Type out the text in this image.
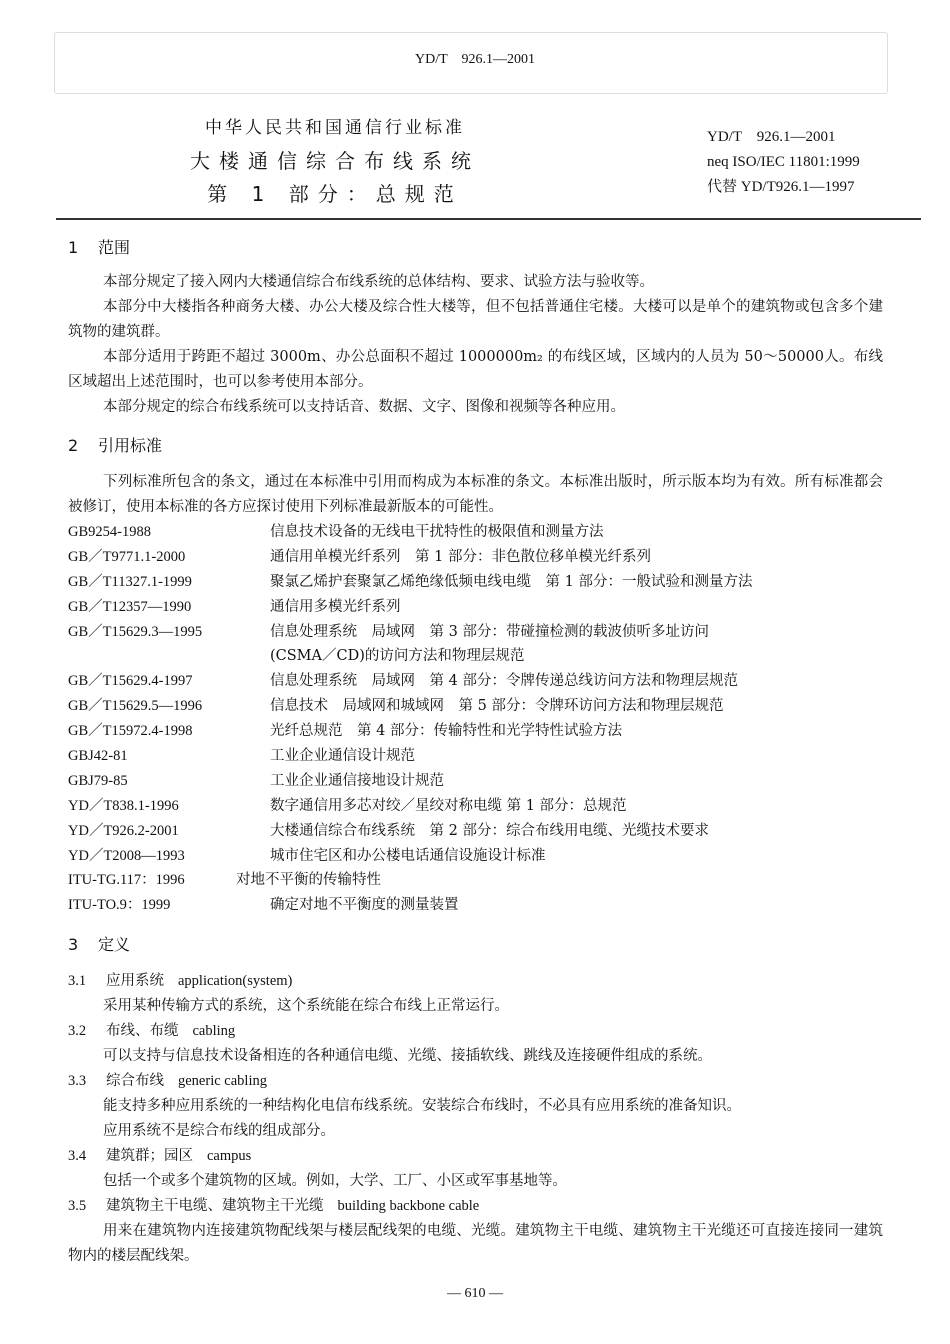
YD/T　926.1—2001
中华人民共和国通信行业标准
大楼通信综合布线系统
第 1 部分：总规范
YD/T　926.1—2001
neq ISO/IEC 11801:1999
代替 YD/T926.1—1997
1 范围
本部分规定了接入网内大楼通信综合布线系统的总体结构、要求、试验方法与验收等。
本部分中大楼指各种商务大楼、办公大楼及综合性大楼等，但不包括普通住宅楼。大楼可以是单个的建筑物或包含多个建筑物的建筑群。
本部分适用于跨距不超过 3000m、办公总面积不超过 1000000m₂ 的布线区域，区域内的人员为 50～50000人。布线区域超出上述范围时，也可以参考使用本部分。
本部分规定的综合布线系统可以支持话音、数据、文字、图像和视频等各种应用。
2 引用标准
下列标准所包含的条文，通过在本标准中引用而构成为本标准的条文。本标准出版时，所示版本均为有效。所有标准都会被修订，使用本标准的各方应探讨使用下列标准最新版本的可能性。
GB9254-1988	信息技术设备的无线电干扰特性的极限值和测量方法
GB／T9771.1-2000	通信用单模光纤系列　第 1 部分：非色散位移单模光纤系列
GB／T11327.1-1999	聚氯乙烯护套聚氯乙烯绝缘低频电线电缆　第 1 部分：一般试验和测量方法
GB／T12357—1990	通信用多模光纤系列
GB／T15629.3—1995	信息处理系统　局域网　第 3 部分：带碰撞检测的载波侦听多址访问
(CSMA／CD)的访问方法和物理层规范
GB／T15629.4-1997	信息处理系统　局域网　第 4 部分：令牌传递总线访问方法和物理层规范
GB／T15629.5—1996	信息技术　局域网和城域网　第 5 部分：令牌环访问方法和物理层规范
GB／T15972.4-1998	光纤总规范　第 4 部分：传输特性和光学特性试验方法
GBJ42-81	工业企业通信设计规范
GBJ79-85	工业企业通信接地设计规范
YD／T838.1-1996	数字通信用多芯对绞／星绞对称电缆 第 1 部分：总规范
YD／T926.2-2001	大楼通信综合布线系统　第 2 部分：综合布线用电缆、光缆技术要求
YD／T2008—1993	城市住宅区和办公楼电话通信设施设计标准
ITU-TG.117：1996	对地不平衡的传输特性
ITU-TO.9：1999	确定对地不平衡度的测量装置
3 定义
3.1 应用系统 application(system)
采用某种传输方式的系统，这个系统能在综合布线上正常运行。
3.2 布线、布缆 cabling
可以支持与信息技术设备相连的各种通信电缆、光缆、接插软线、跳线及连接硬件组成的系统。
3.3 综合布线 generic cabling
能支持多种应用系统的一种结构化电信布线系统。安装综合布线时，不必具有应用系统的准备知识。
应用系统不是综合布线的组成部分。
3.4 建筑群；园区 campus
包括一个或多个建筑物的区域。例如，大学、工厂、小区或军事基地等。
3.5 建筑物主干电缆、建筑物主干光缆 building backbone cable
用来在建筑物内连接建筑物配线架与楼层配线架的电缆、光缆。建筑物主干电缆、建筑物主干光缆还可直接连接同一建筑物内的楼层配线架。
— 610 —
